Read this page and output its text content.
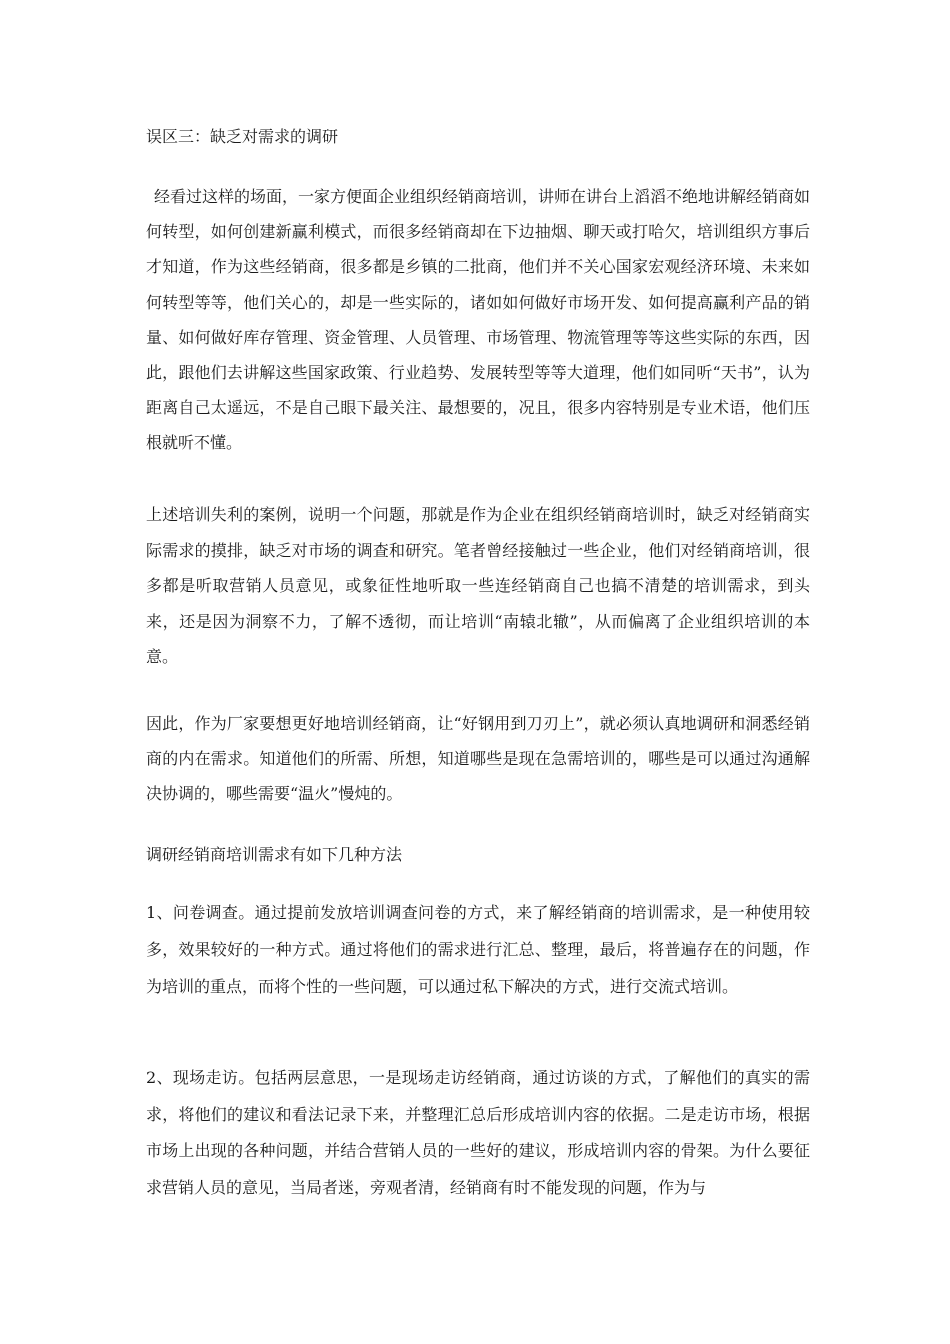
误区三：缺乏对需求的调研

经看过这样的场面，一家方便面企业组织经销商培训，讲师在讲台上滔滔不绝地讲解经销商如何转型，如何创建新赢利模式，而很多经销商却在下边抽烟、聊天或打哈欠，培训组织方事后才知道，作为这些经销商，很多都是乡镇的二批商，他们并不关心国家宏观经济环境、未来如何转型等等，他们关心的，却是一些实际的，诸如如何做好市场开发、如何提高赢利产品的销量、如何做好库存管理、资金管理、人员管理、市场管理、物流管理等等这些实际的东西，因此，跟他们去讲解这些国家政策、行业趋势、发展转型等等大道理，他们如同听“天书”，认为距离自己太遥远，不是自己眼下最关注、最想要的，况且，很多内容特别是专业术语，他们压根就听不懂。

上述培训失利的案例，说明一个问题，那就是作为企业在组织经销商培训时，缺乏对经销商实际需求的摸排，缺乏对市场的调查和研究。笔者曾经接触过一些企业，他们对经销商培训，很多都是听取营销人员意见，或象征性地听取一些连经销商自己也搞不清楚的培训需求，到头来，还是因为洞察不力，了解不透彻，而让培训“南辕北辙”，从而偏离了企业组织培训的本意。

因此，作为厂家要想更好地培训经销商，让“好钢用到刀刃上”，就必须认真地调研和洞悉经销商的内在需求。知道他们的所需、所想，知道哪些是现在急需培训的，哪些是可以通过沟通解决协调的，哪些需要“温火”慢炖的。

调研经销商培训需求有如下几种方法

1、问卷调查。通过提前发放培训调查问卷的方式，来了解经销商的培训需求，是一种使用较多，效果较好的一种方式。通过将他们的需求进行汇总、整理，最后，将普遍存在的问题，作为培训的重点，而将个性的一些问题，可以通过私下解决的方式，进行交流式培训。

2、现场走访。包括两层意思，一是现场走访经销商，通过访谈的方式，了解他们的真实的需求，将他们的建议和看法记录下来，并整理汇总后形成培训内容的依据。二是走访市场，根据市场上出现的各种问题，并结合营销人员的一些好的建议，形成培训内容的骨架。为什么要征求营销人员的意见，当局者迷，旁观者清，经销商有时不能发现的问题，作为与
